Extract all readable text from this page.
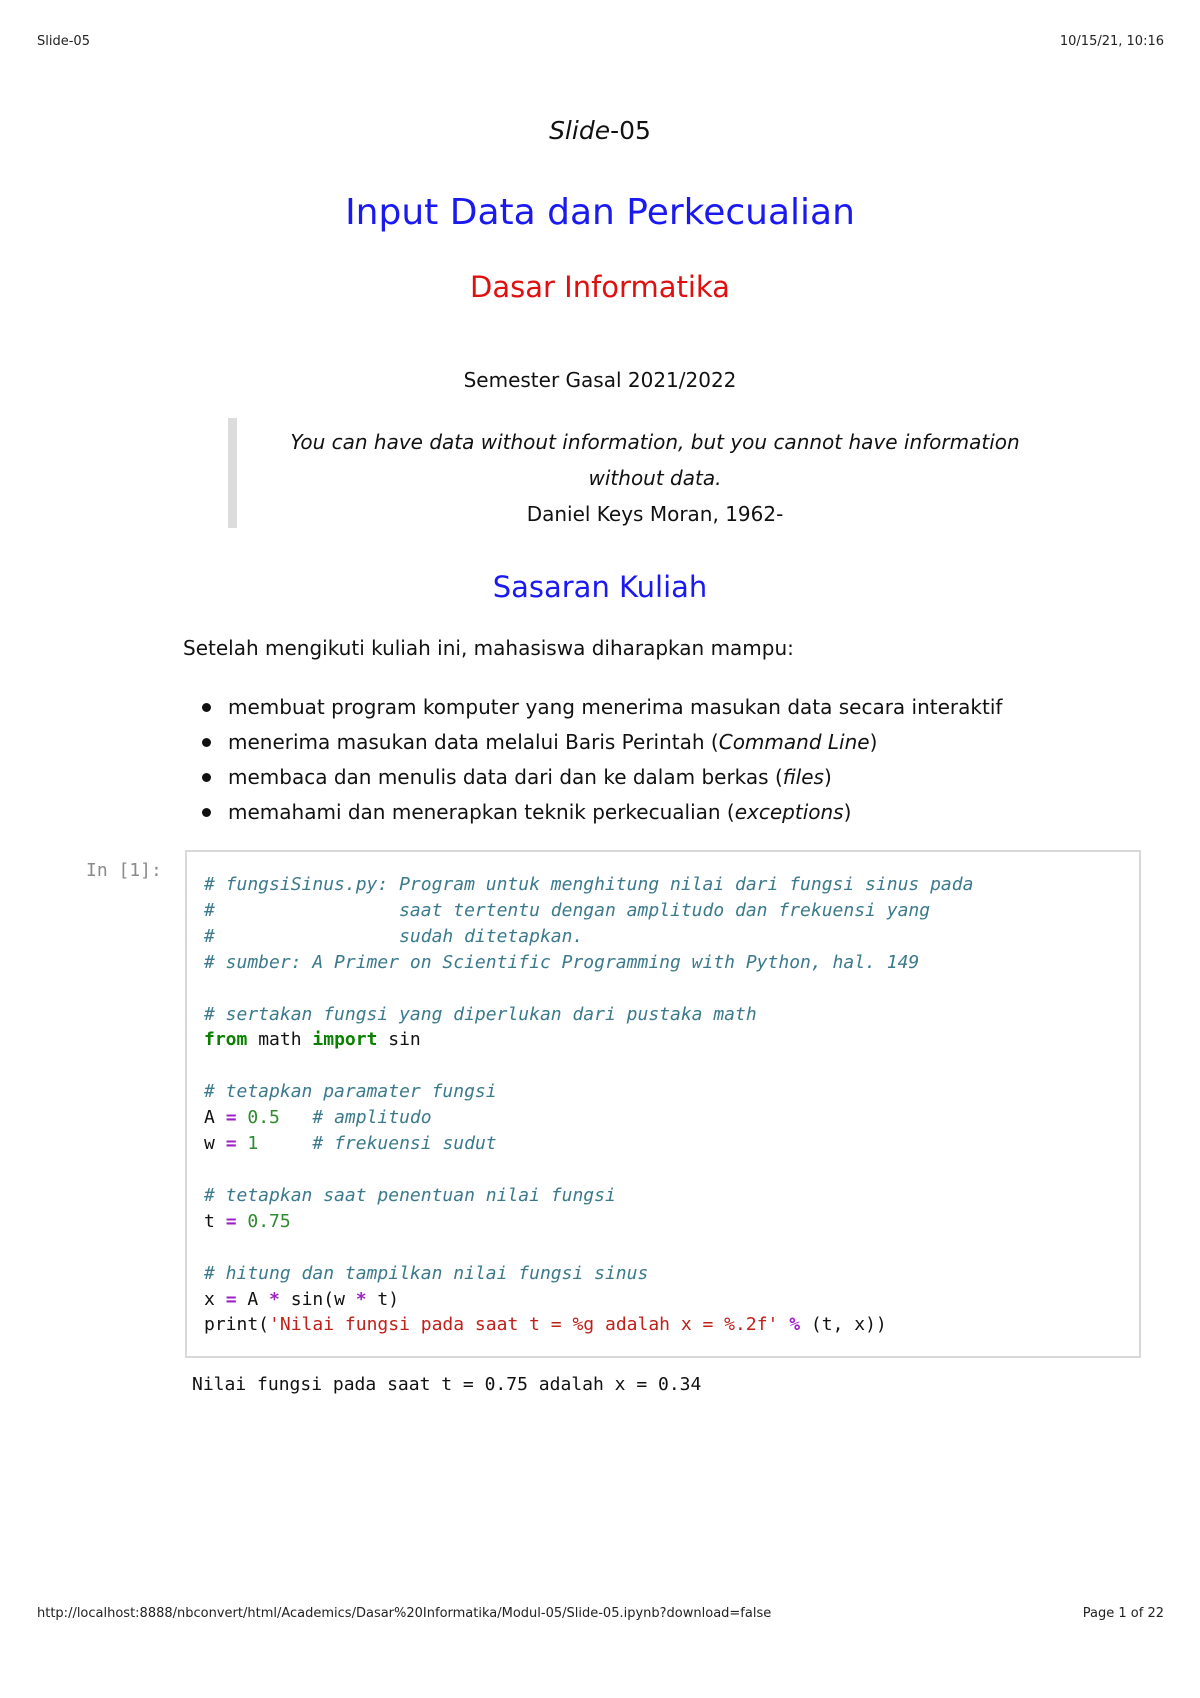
Slide-05	10/15/21, 10:16
Slide-05
Input Data dan Perkecualian
Dasar Informatika
Semester Gasal 2021/2022
You can have data without information, but you cannot have information
without data.
Daniel Keys Moran, 1962-
Sasaran Kuliah
Setelah mengikuti kuliah ini, mahasiswa diharapkan mampu:
membuat program komputer yang menerima masukan data secara interaktif
menerima masukan data melalui Baris Perintah (Command Line)
membaca dan menulis data dari dan ke dalam berkas (files)
memahami dan menerapkan teknik perkecualian (exceptions)
In [1]:
# fungsiSinus.py: Program untuk menghitung nilai dari fungsi sinus pada
#                 saat tertentu dengan amplitudo dan frekuensi yang
#                 sudah ditetapkan.
# sumber: A Primer on Scientific Programming with Python, hal. 149

# sertakan fungsi yang diperlukan dari pustaka math
from math import sin

# tetapkan paramater fungsi
A = 0.5   # amplitudo
w = 1     # frekuensi sudut

# tetapkan saat penentuan nilai fungsi
t = 0.75

# hitung dan tampilkan nilai fungsi sinus
x = A * sin(w * t)
print('Nilai fungsi pada saat t = %g adalah x = %.2f' % (t, x))
Nilai fungsi pada saat t = 0.75 adalah x = 0.34
http://localhost:8888/nbconvert/html/Academics/Dasar%20Informatika/Modul-05/Slide-05.ipynb?download=false	Page 1 of 22
